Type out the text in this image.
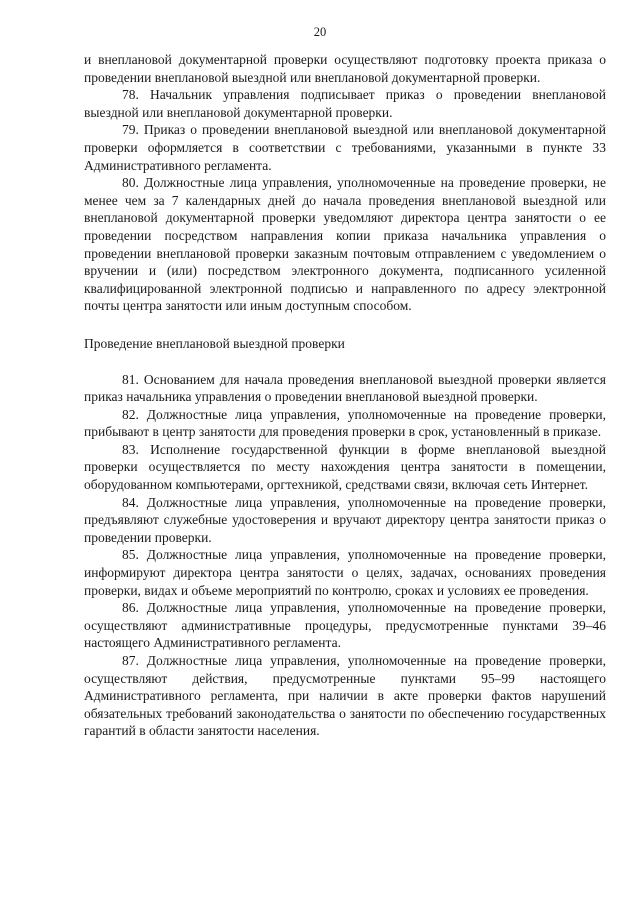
20

и внеплановой документарной проверки осуществляют подготовку проекта приказа о проведении внеплановой выездной или внеплановой документарной проверки.

78. Начальник управления подписывает приказ о проведении внеплановой выездной или внеплановой документарной проверки.

79. Приказ о проведении внеплановой выездной или внеплановой документарной проверки оформляется в соответствии с требованиями, указанными в пункте 33 Административного регламента.

80. Должностные лица управления, уполномоченные на проведение проверки, не менее чем за 7 календарных дней до начала проведения внеплановой выездной или внеплановой документарной проверки уведомляют директора центра занятости о ее проведении посредством направления копии приказа начальника управления о проведении внеплановой проверки заказным почтовым отправлением с уведомлением о вручении и (или) посредством электронного документа, подписанного усиленной квалифицированной электронной подписью и направленного по адресу электронной почты центра занятости или иным доступным способом.

Проведение внеплановой выездной проверки

81. Основанием для начала проведения внеплановой выездной проверки является приказ начальника управления о проведении внеплановой выездной проверки.

82. Должностные лица управления, уполномоченные на проведение проверки, прибывают в центр занятости для проведения проверки в срок, установленный в приказе.

83. Исполнение государственной функции в форме внеплановой выездной проверки осуществляется по месту нахождения центра занятости в помещении, оборудованном компьютерами, оргтехникой, средствами связи, включая сеть Интернет.

84. Должностные лица управления, уполномоченные на проведение проверки, предъявляют служебные удостоверения и вручают директору центра занятости приказ о проведении проверки.

85. Должностные лица управления, уполномоченные на проведение проверки, информируют директора центра занятости о целях, задачах, основаниях проведения проверки, видах и объеме мероприятий по контролю, сроках и условиях ее проведения.

86. Должностные лица управления, уполномоченные на проведение проверки, осуществляют административные процедуры, предусмотренные пунктами 39–46 настоящего Административного регламента.

87. Должностные лица управления, уполномоченные на проведение проверки, осуществляют действия, предусмотренные пунктами 95–99 настоящего Административного регламента, при наличии в акте проверки фактов нарушений обязательных требований законодательства о занятости по обеспечению государственных гарантий в области занятости населения.
